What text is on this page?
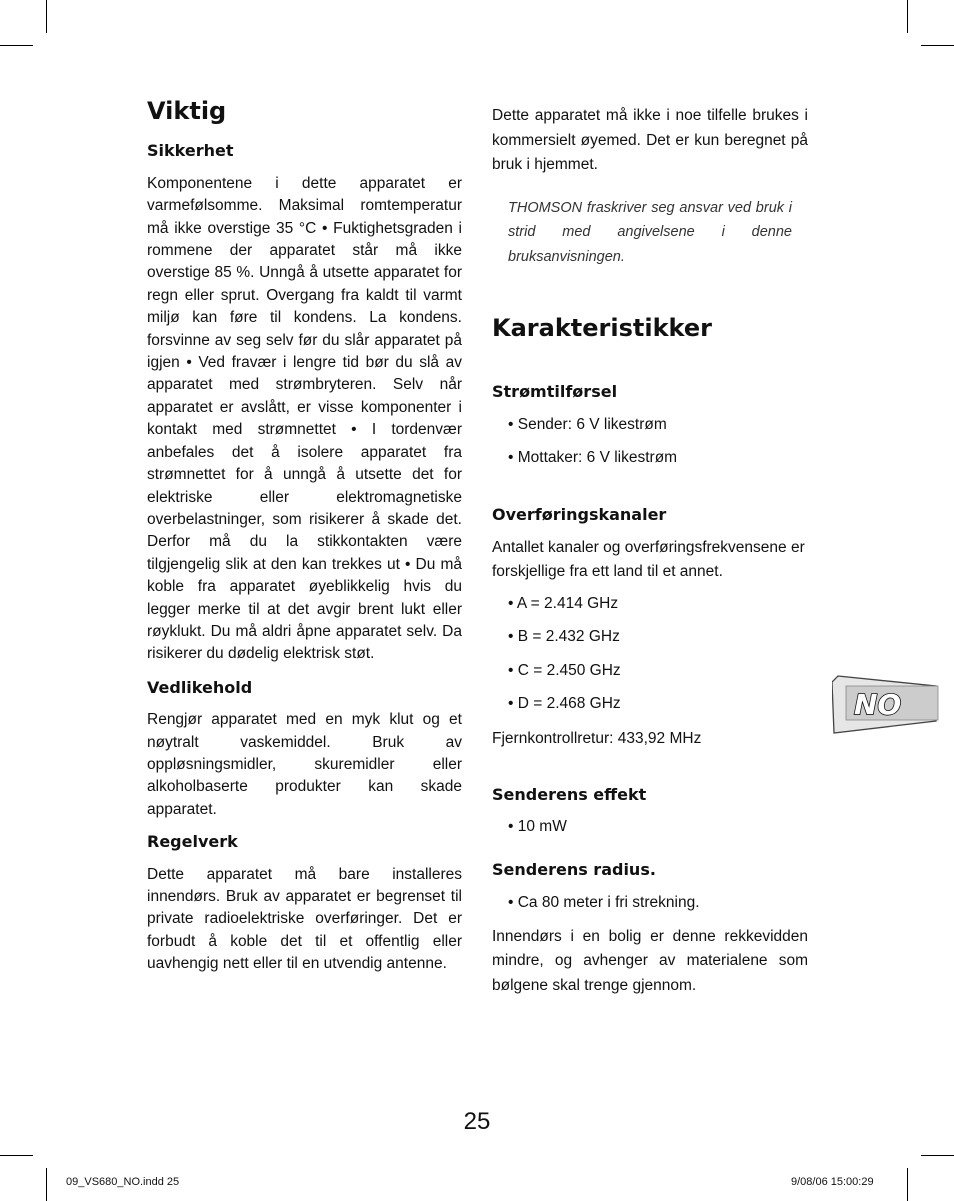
Viktig
Sikkerhet

Komponentene i dette apparatet er varmefølsomme. Maksimal romtemperatur må ikke overstige 35 °C • Fuktighetsgraden i rommene der apparatet står må ikke overstige 85 %. Unngå å utsette apparatet for regn eller sprut. Overgang fra kaldt til varmt miljø kan føre til kondens. La kondens. forsvinne av seg selv før du slår apparatet på igjen • Ved fravær i lengre tid bør du slå av apparatet med strømbryteren. Selv når apparatet er avslått, er visse komponenter i kontakt med strømnettet • I tordenvær anbefales det å isolere apparatet fra strømnettet for å unngå å utsette det for elektriske eller elektromagnetiske overbelastninger, som risikerer å skade det. Derfor må du la stikkontakten være tilgjengelig slik at den kan trekkes ut • Du må koble fra apparatet øyeblikkelig hvis du legger merke til at det avgir brent lukt eller røyklukt. Du må aldri åpne apparatet selv. Da risikerer du dødelig elektrisk støt.

Vedlikehold

Rengjør apparatet med en myk klut og et nøytralt vaskemiddel. Bruk av oppløsningsmidler, skuremidler eller alkoholbaserte produkter kan skade apparatet.

Regelverk

Dette apparatet må bare installeres innendørs. Bruk av apparatet er begrenset til private radioelektriske overføringer. Det er forbudt å koble det til et offentlig eller uavhengig nett eller til en utvendig antenne.

Dette apparatet må ikke i noe tilfelle brukes i kommersielt øyemed. Det er kun beregnet på bruk i hjemmet.

THOMSON fraskriver seg ansvar ved bruk i strid med angivelsene i denne bruksanvisningen.

Karakteristikker
Strømtilførsel

• Sender: 6 V likestrøm

• Mottaker: 6 V likestrøm

Overføringskanaler

Antallet kanaler og overføringsfrekvensene er forskjellige fra ett land til et annet.

• A = 2.414 GHz

• B = 2.432 GHz

• C = 2.450 GHz

• D = 2.468 GHz

Fjernkontrollretur: 433,92 MHz

Senderens effekt

• 10 mW

Senderens radius.

• Ca 80 meter i fri strekning.

Innendørs i en bolig er denne rekkevidden mindre, og avhenger av materialene som bølgene skal trenge gjennom.

NO
25
09_VS680_NO.indd 25	9/08/06 15:00:29
